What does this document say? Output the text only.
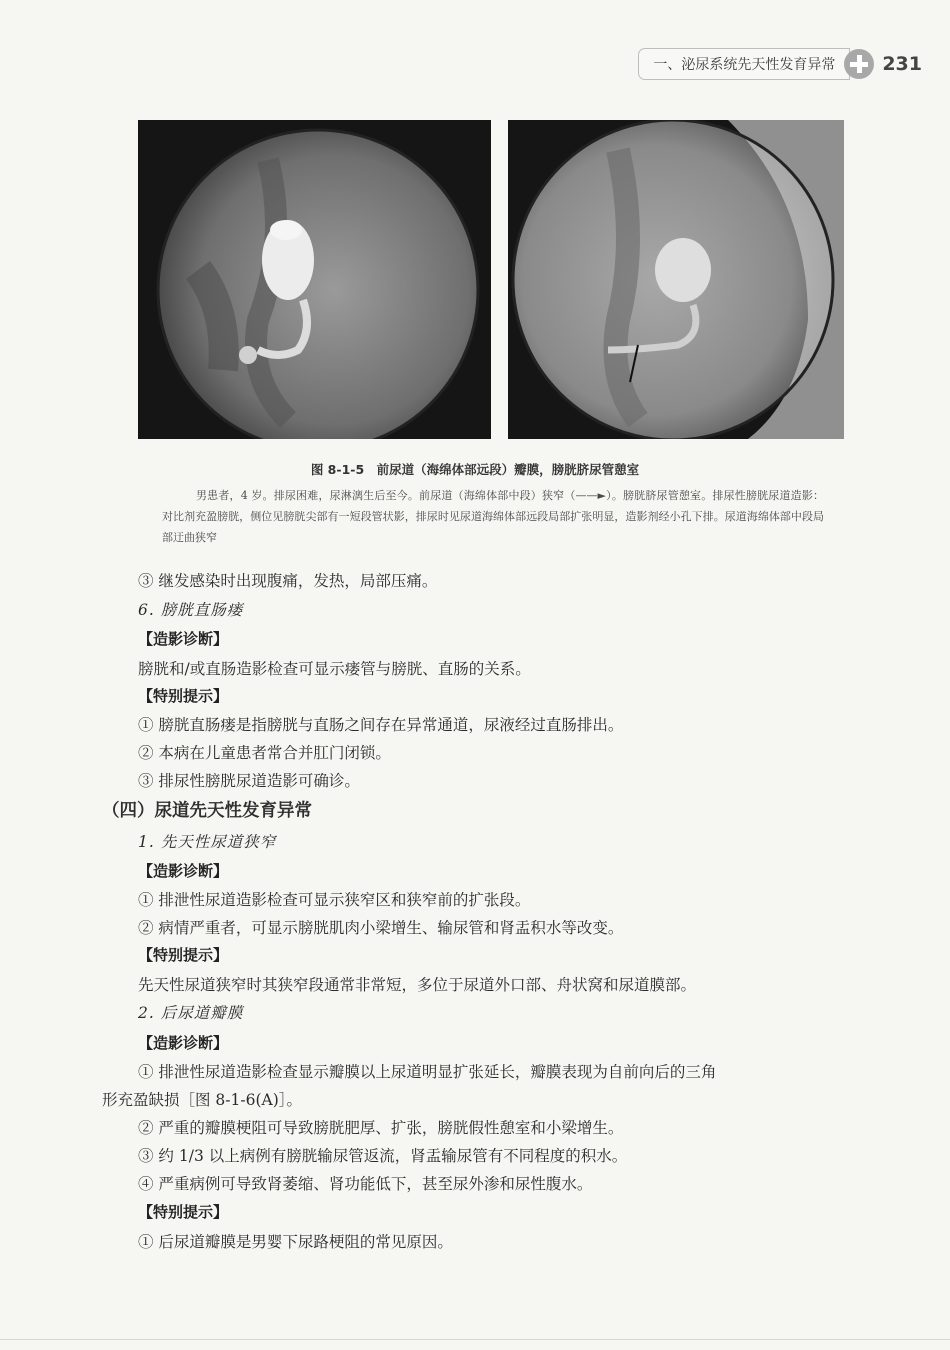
一、泌尿系统先天性发育异常	231
图 8-1-5　前尿道（海绵体部远段）瓣膜，膀胱脐尿管憩室
男患者，4 岁。排尿困难，尿淋漓生后至今。前尿道（海绵体部中段）狭窄（——►）。膀胱脐尿管憩室。排尿性膀胱尿道造影：对比剂充盈膀胱，侧位见膀胱尖部有一短段管状影，排尿时见尿道海绵体部远段局部扩张明显，造影剂经小孔下排。尿道海绵体部中段局部迂曲狭窄
③ 继发感染时出现腹痛，发热，局部压痛。
6. 膀胱直肠瘘
【造影诊断】
膀胱和/或直肠造影检查可显示瘘管与膀胱、直肠的关系。
【特别提示】
① 膀胱直肠瘘是指膀胱与直肠之间存在异常通道，尿液经过直肠排出。
② 本病在儿童患者常合并肛门闭锁。
③ 排尿性膀胱尿道造影可确诊。
（四）尿道先天性发育异常
1. 先天性尿道狭窄
【造影诊断】
① 排泄性尿道造影检查可显示狭窄区和狭窄前的扩张段。
② 病情严重者，可显示膀胱肌肉小梁增生、输尿管和肾盂积水等改变。
【特别提示】
先天性尿道狭窄时其狭窄段通常非常短，多位于尿道外口部、舟状窝和尿道膜部。
2. 后尿道瓣膜
【造影诊断】
① 排泄性尿道造影检查显示瓣膜以上尿道明显扩张延长，瓣膜表现为自前向后的三角
形充盈缺损［图 8-1-6(A)］。
② 严重的瓣膜梗阻可导致膀胱肥厚、扩张，膀胱假性憩室和小梁增生。
③ 约 1/3 以上病例有膀胱输尿管返流，肾盂输尿管有不同程度的积水。
④ 严重病例可导致肾萎缩、肾功能低下，甚至尿外渗和尿性腹水。
【特别提示】
① 后尿道瓣膜是男婴下尿路梗阻的常见原因。
